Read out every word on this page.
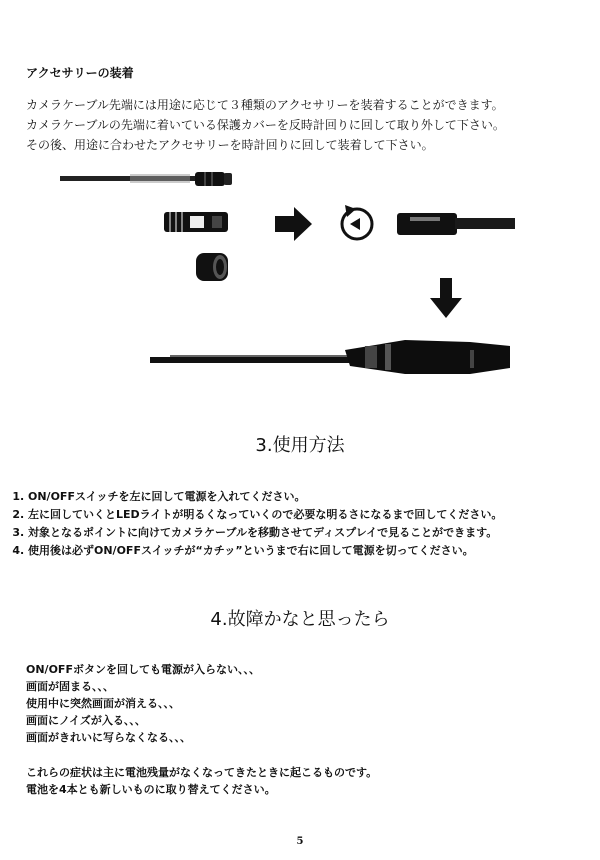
アクセサリーの装着
カメラケーブル先端には用途に応じて３種類のアクセサリーを装着することができます。
カメラケーブルの先端に着いている保護カバーを反時計回りに回して取り外して下さい。
その後、用途に合わせたアクセサリーを時計回りに回して装着して下さい。
3.使用方法
1. ON/OFFスイッチを左に回して電源を入れてください。
2. 左に回していくとLEDライトが明るくなっていくので必要な明るさになるまで回してください。
3. 対象となるポイントに向けてカメラケーブルを移動させてディスプレイで見ることができます。
4. 使用後は必ずON/OFFスイッチが“カチッ”というまで右に回して電源を切ってください。
4.故障かなと思ったら
ON/OFFボタンを回しても電源が入らない、、、
画面が固まる、、、
使用中に突然画面が消える、、、
画面にノイズが入る、、、
画面がきれいに写らなくなる、、、
これらの症状は主に電池残量がなくなってきたときに起こるものです。
電池を4本とも新しいものに取り替えてください。
5
